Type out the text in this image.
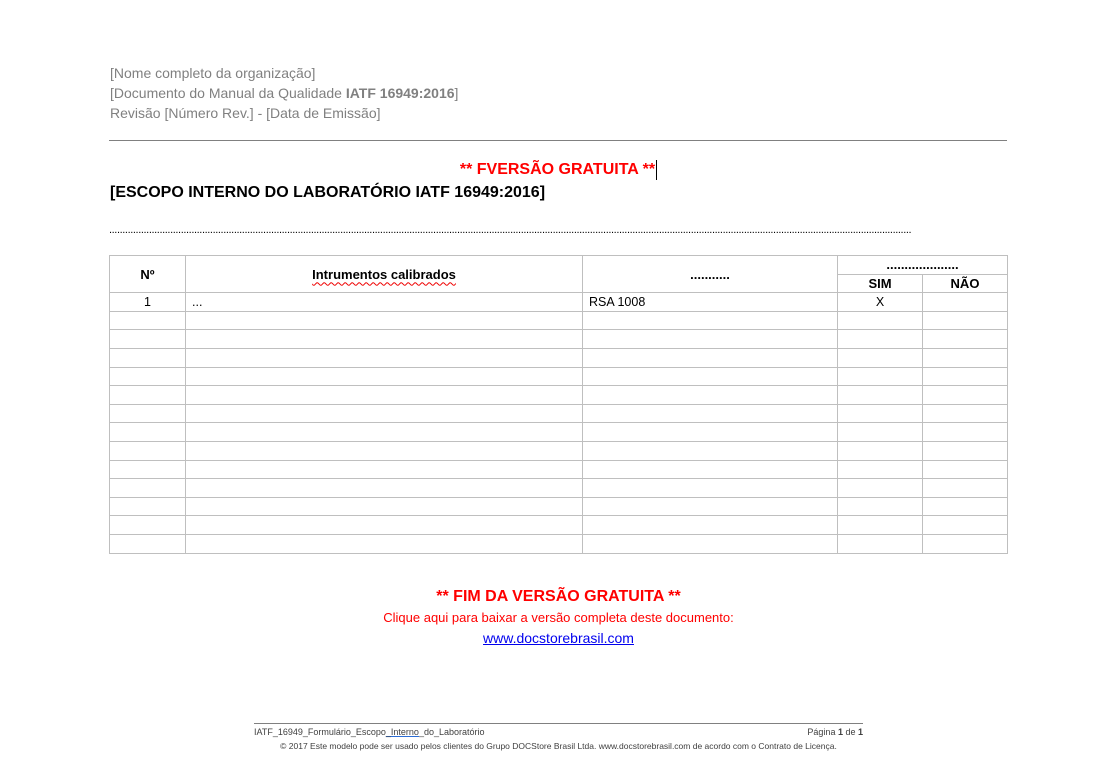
[Nome completo da organização]
[Documento do Manual da Qualidade IATF 16949:2016]
Revisão [Número Rev.] - [Data de Emissão]
** FVERSÃO GRATUITA **
[ESCOPO INTERNO DO LABORATÓRIO IATF 16949:2016]
..............................................................................................................................................................................................................................................................................................................
Nº	Intrumentos calibrados	...........	....................	
			SIM	NÃO
1	...	RSA 1008	X	

** FIM DA VERSÃO GRATUITA **
Clique aqui para baixar a versão completa deste documento:
www.docstorebrasil.com
IATF_16949_Formulário_Escopo_Interno_do_Laboratório	Página 1 de 1
© 2017 Este modelo pode ser usado pelos clientes do Grupo DOCStore Brasil Ltda. www.docstorebrasil.com de acordo com o Contrato de Licença.
